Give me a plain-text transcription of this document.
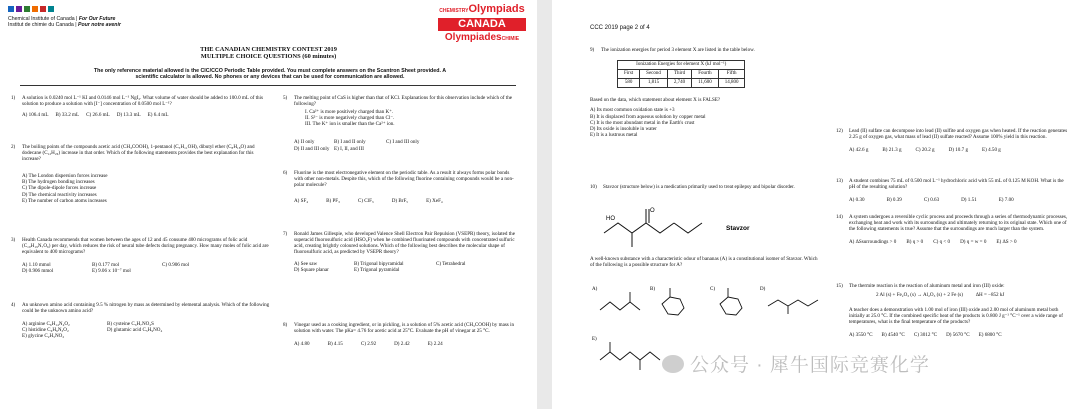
Chemical Institute of Canada | For Our Future
Institut de chimie du Canada | Pour notre avenir
CHEMISTRYOlympiads
CANADA
OlympiadesCHIMIE
THE CANADIAN CHEMISTRY CONTEST 2019
MULTIPLE CHOICE QUESTIONS (60 minutes)
The only reference material allowed is the CIC/CCO Periodic Table provided. You must complete answers on the Scantron Sheet provided. A
scientific calculator is allowed. No phones or any devices that can be used for communication are allowed.
1)	A solution is 0.0240 mol L⁻¹ KI and 0.0146 mol L⁻¹ NgI₂. What volume of water should be added to 100.0 mL of this solution to produce a solution with [I⁻] concentration of 0.0500 mol L⁻¹?

A) 106.4 mL B) 33.2 mL C) 26.6 mL D) 13.3 mL E) 6.4 mL
2)	The boiling points of the compounds acetic acid (CH₃COOH), 1-pentanol (C₅H₁₁OH), dibutyl ether (C₈H₁₈O) and dodecane (C₁₂H₂₆) increase in that order. Which of the following statements provides the best explanation for this increase?

A) The London dispersion forces increase
B) The hydrogen bonding increases
C) The dipole-dipole forces increase
D) The chemical reactivity increases
E) The number of carbon atoms increases
3)	Health Canada recommends that women between the ages of 12 and 45 consume 400 micrograms of folic acid (C₁₉H₁₉N₇O₆) per day, which reduces the risk of neural tube defects during pregnancy. How many moles of folic acid are equivalent to 400 micrograms?

A) 1.10 mmol	B) 0.177 mol	C) 0.906 mol
D) 0.906 mmol	E) 9.06 x 10⁻⁷ mol
4)	An unknown amino acid containing 9.5 % nitrogen by mass as determined by elemental analysis. Which of the following could be the unknown amino acid?

A) arginine C₆H₁₄N₄O₂	B) cysteine C₃H₇NO₂S
C) histidine C₆H₉N₃O₂	D) glutamic acid C₅H₉NO₄
E) glycine C₂H₅NO₂
5)	The melting point of CaS is higher than that of KCl. Explanations for this observation include which of the following?

I. Ca²⁺ is more positively charged than K⁺.
II. S²⁻ is more negatively charged than Cl⁻.
III. The K⁺ ion is smaller than the Ca²⁺ ion.
A) II only	B) I and II only	C) I and III only
D) II and III only E) I, II, and III
6)	Fluorine is the most electronegative element on the periodic table. As a result it always forms polar bonds with other non-metals. Despite this, which of the following fluorine containing compounds would be a non-polar molecule?

A) SF₄	B) PF₃	C) ClF₃	D) BrF₅	E) XeF₄
7)	Ronald James Gillespie, who developed Valence Shell Electron Pair Repulsion (VSEPR) theory, isolated the superacid fluorosulfuric acid (HSO₃F) when he combined fluorinated compounds with concentrated sulfuric acid, creating brightly coloured solutions. Which of the following best describes the molecular shape of fluorosulfuric acid, as predicted by VSEPR theory?

A) See saw	B) Trigonal bipyramidal	C) Tetrahedral
D) Square planar	E) Trigonal pyramidal
8)	Vinegar used as a cooking ingredient, or in pickling, is a solution of 5% acetic acid (CH₃COOH) by mass in solution with water. The pKa= 4.76 for acetic acid at 25°C. Evaluate the pH of vinegar at 25 °C.

A) 4.80	B) 4.15	C) 2.92	D) 2.42	E) 2.24
CCC 2019 page 2 of 4
9)	The ionization energies for period 3 element X are listed in the table below.

Ionization Energies for element X (kJ mol⁻¹)				
First	Second	Third	Fourth	Fifth
580	1,815	2,740	11,600	14,800

Based on the data, which statement about element X is FALSE?

A) Its most common oxidation state is +3
B) It is displaced from aqueous solution by copper metal
C) It is the most abundant metal in the Earth's crust
D) Its oxide is insoluble in water
E) It is a lustrous metal
10)	Stavzor (structure below) is a medication primarily used to treat epilepsy and bipolar disorder.

HO
O
Stavzor

A well-known substance with a characteristic odour of bananas (A) is a constitutional isomer of Stavzor. Which of the following is a possible structure for A?

A)	B)	C)	D)
E)
12)	Lead (II) sulfate can decompose into lead (II) sulfite and oxygen gas when heated. If the reaction generates 2.25 g of oxygen gas, what mass of lead (II) sulfate reacted? Assume 100% yield in this reaction.

A) 42.6 g	B) 21.3 g	C) 20.2 g	D) 10.7 g	E) 4.50 g
13)	A student combines 75 mL of 0.500 mol L⁻¹ hydrochloric acid with 55 mL of 0.125 M KOH. What is the pH of the resulting solution?

A) 0.30	B) 0.39	C) 0.63	D) 1.51	E) 7.00
14)	A system undergoes a reversible cyclic process and proceeds through a series of thermodynamic processes, exchanging heat and work with its surroundings and ultimately returning to its original state. Which one of the following statements is true? Assume that the surroundings are much larger than the system.

A) ΔSsurroundings > 0 B) q > 0 C) q < 0 D) q = w = 0 E) ΔS > 0
15)	The thermite reaction is the reaction of aluminum metal and iron (III) oxide:

2 Al (s) + Fe₂O₃ (s) → Al₂O₃ (s) + 2 Fe (s)          ΔH = −852 kJ

A teacher does a demonstration with 1.00 mol of iron (III) oxide and 2.00 mol of aluminum metal both initially at 25.0 °C. If the combined specific heat of the products is 0.800 J g⁻¹ °C⁻¹ over a wide range of temperatures, what is the final temperature of the products?

A) 3550 °C B) 4540 °C C) 3012 °C D) 5670 °C E) 6800 °C
公众号 · 犀牛国际竞赛化学
